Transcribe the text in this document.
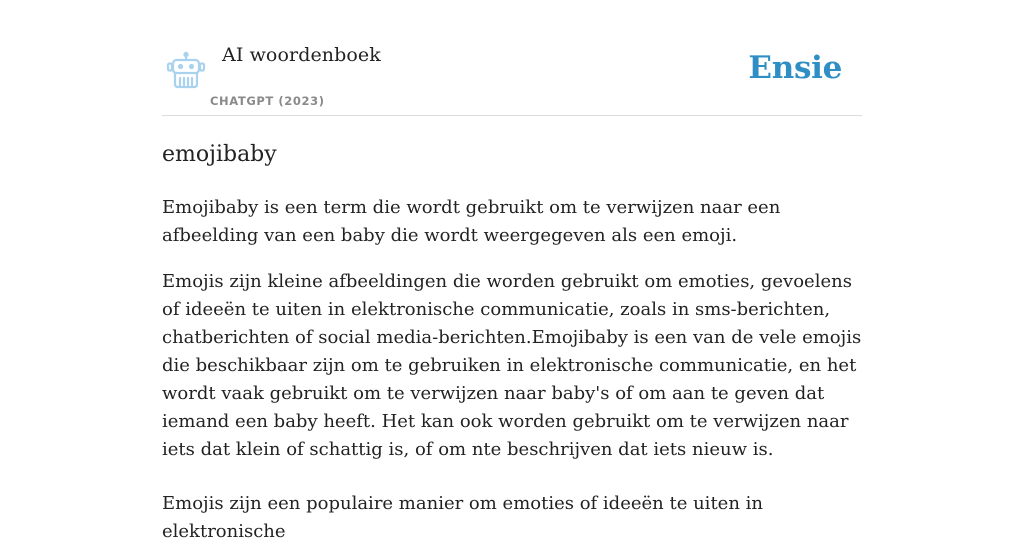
AI woordenboek
CHATGPT (2023)
Ensie
emojibaby

Emojibaby is een term die wordt gebruikt om te verwijzen naar een afbeelding van een baby die wordt weergegeven als een emoji.

Emojis zijn kleine afbeeldingen die worden gebruikt om emoties, gevoelens of ideeën te uiten in elektronische communicatie, zoals in sms-berichten, chatberichten of social media-berichten.Emojibaby is een van de vele emojis die beschikbaar zijn om te gebruiken in elektronische communicatie, en het wordt vaak gebruikt om te verwijzen naar baby's of om aan te geven dat iemand een baby heeft. Het kan ook worden gebruikt om te verwijzen naar iets dat klein of schattig is, of om nte beschrijven dat iets nieuw is.

Emojis zijn een populaire manier om emoties of ideeën te uiten in elektronische
